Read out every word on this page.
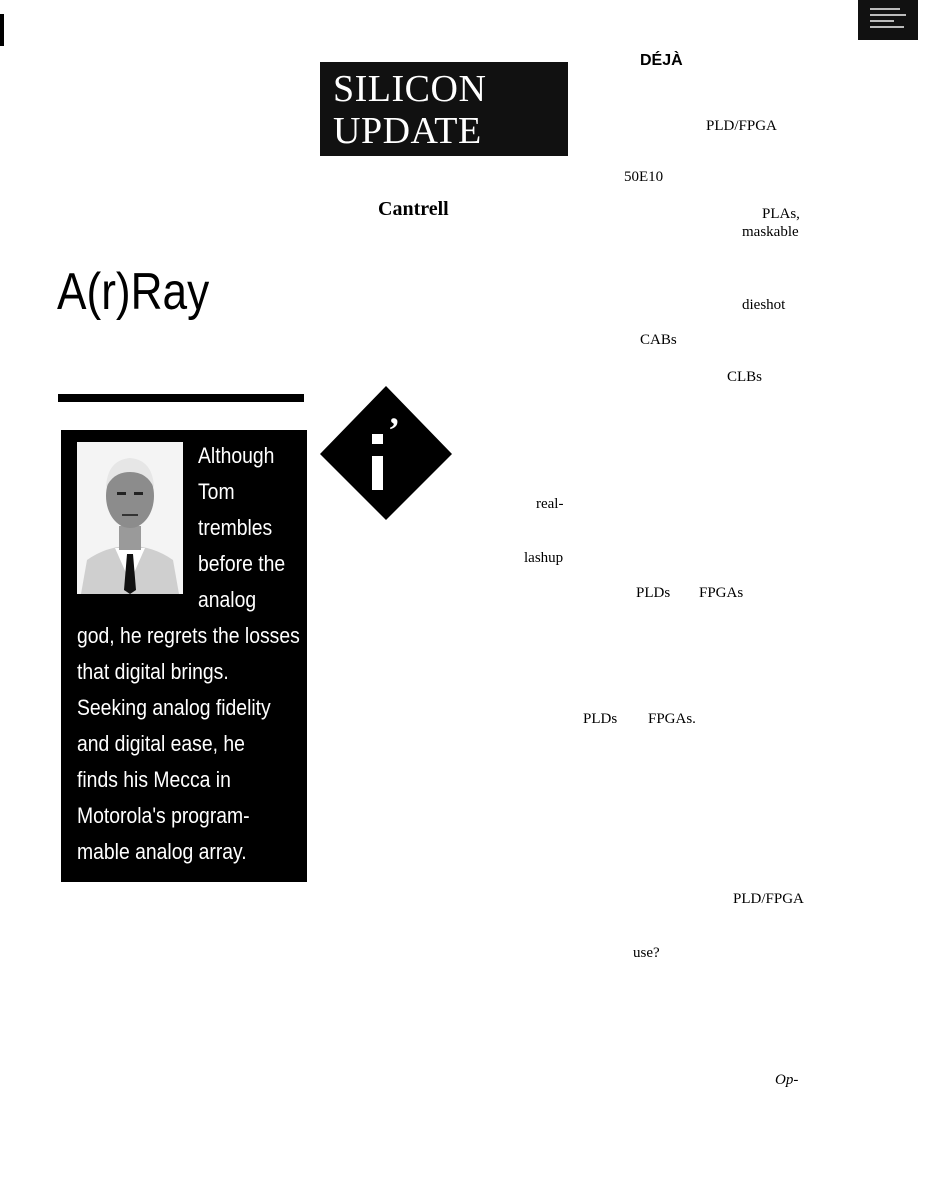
SILICON
UPDATE
Cantrell
A(r)Ray
Although
Tom
trembles
before the
analog
god, he regrets the losses
that digital brings.
Seeking analog fidelity
and digital ease, he
finds his Mecca in
Motorola's program-
mable analog array.
’
DÉJÀ
PLD/FPGA
50E10
PLAs,
maskable
dieshot
CABs
CLBs
real-
lashup
PLDs FPGAs
PLDs FPGAs.
PLD/FPGA
use?
Op-
